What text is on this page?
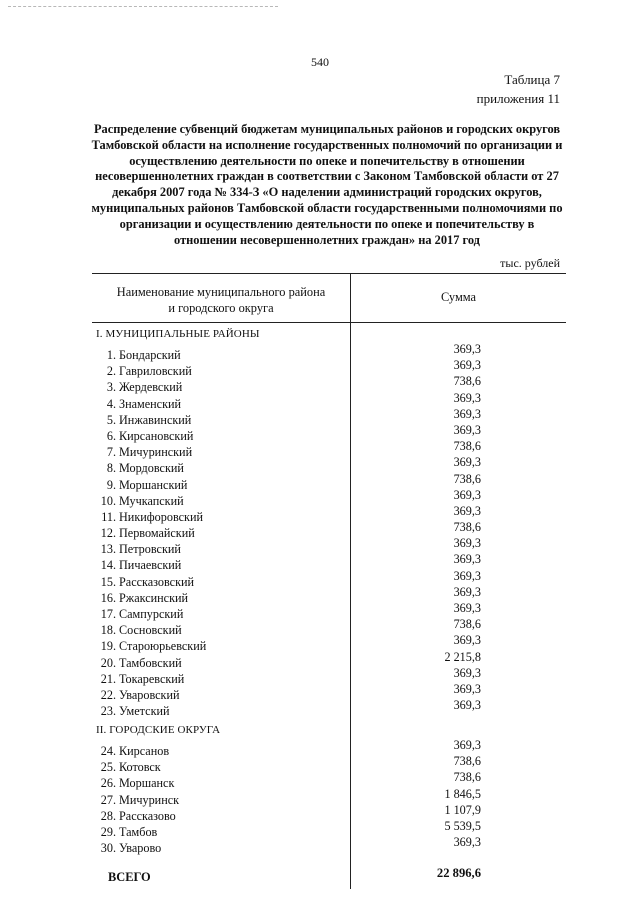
540
Таблица 7
приложения 11
Распределение субвенций бюджетам муниципальных районов и городских округов Тамбовской области на исполнение государственных полномочий по организации и осуществлению деятельности по опеке и попечительству в отношении несовершеннолетних граждан в соответствии с Законом Тамбовской области от 27 декабря 2007 года № 334-З «О наделении администраций городских округов, муниципальных районов Тамбовской области государственными полномочиями по организации и осуществлению деятельности по опеке и попечительству в отношении несовершеннолетних граждан» на 2017 год
тыс. рублей
Наименование муниципального района
и городского округа
Сумма
I. МУНИЦИПАЛЬНЫЕ РАЙОНЫ
1. Бондарский	369,3
2. Гавриловский	369,3
3. Жердевский	738,6
4. Знаменский	369,3
5. Инжавинский	369,3
6. Кирсановский	369,3
7. Мичуринский	738,6
8. Мордовский	369,3
9. Моршанский	738,6
10. Мучкапский	369,3
11. Никифоровский	369,3
12. Первомайский	738,6
13. Петровский	369,3
14. Пичаевский	369,3
15. Рассказовский	369,3
16. Ржаксинский	369,3
17. Сампурский	369,3
18. Сосновский	738,6
19. Староюрьевский	369,3
20. Тамбовский	2 215,8
21. Токаревский	369,3
22. Уваровский	369,3
23. Уметский	369,3
II. ГОРОДСКИЕ ОКРУГА
24. Кирсанов	369,3
25. Котовск	738,6
26. Моршанск	738,6
27. Мичуринск	1 846,5
28. Рассказово	1 107,9
29. Тамбов	5 539,5
30. Уварово	369,3
ВСЕГО	22 896,6
